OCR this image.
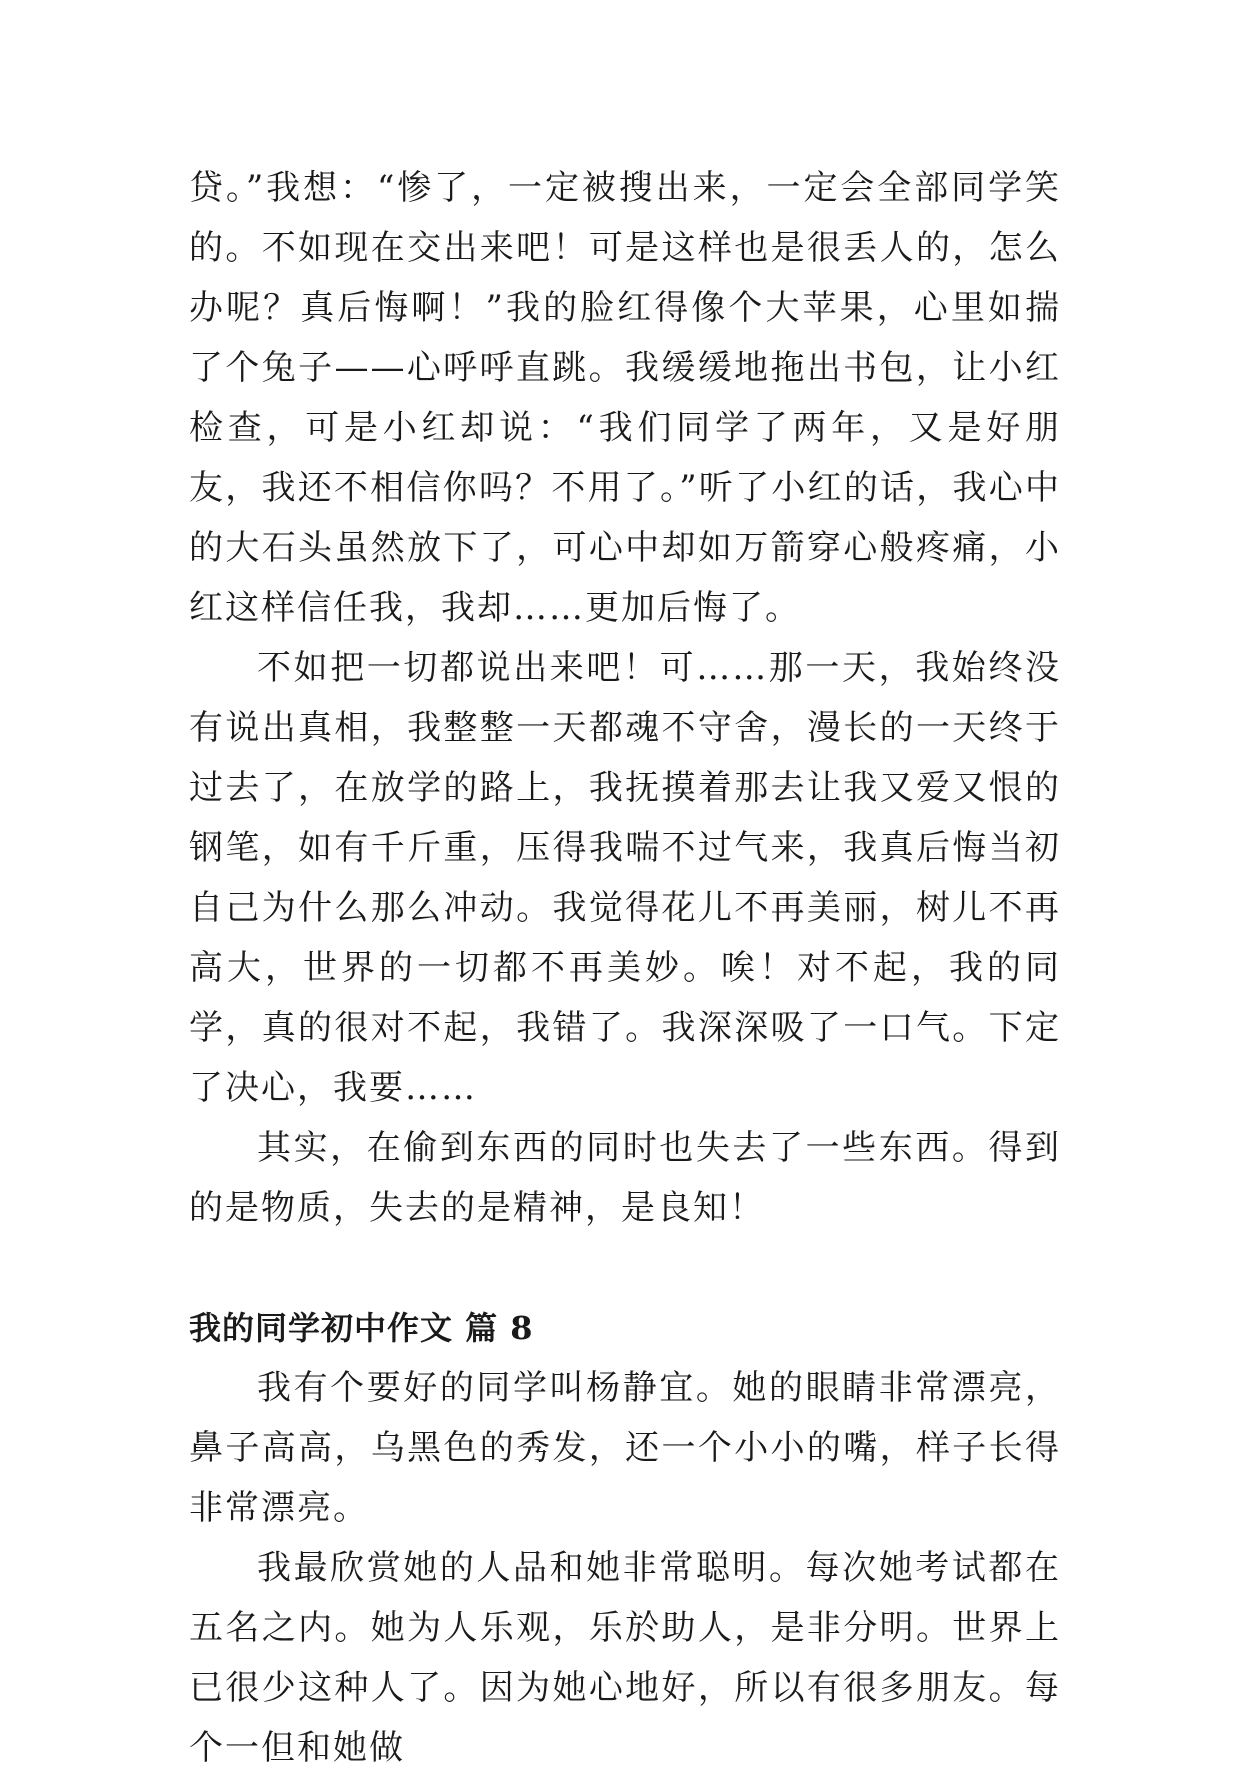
贷。”我想：“惨了，一定被搜出来，一定会全部同学笑的。不如现在交出来吧！可是这样也是很丢人的，怎么办呢？真后悔啊！”我的脸红得像个大苹果，心里如揣了个兔子——心呼呼直跳。我缓缓地拖出书包，让小红检查，可是小红却说：“我们同学了两年，又是好朋友，我还不相信你吗？不用了。”听了小红的话，我心中的大石头虽然放下了，可心中却如万箭穿心般疼痛，小红这样信任我，我却……更加后悔了。

不如把一切都说出来吧！可……那一天，我始终没有说出真相，我整整一天都魂不守舍，漫长的一天终于过去了，在放学的路上，我抚摸着那去让我又爱又恨的钢笔，如有千斤重，压得我喘不过气来，我真后悔当初自己为什么那么冲动。我觉得花儿不再美丽，树儿不再高大，世界的一切都不再美妙。唉！对不起，我的同学，真的很对不起，我错了。我深深吸了一口气。下定了决心，我要……

其实，在偷到东西的同时也失去了一些东西。得到的是物质，失去的是精神，是良知！

我的同学初中作文 篇 8

我有个要好的同学叫杨静宜。她的眼睛非常漂亮，鼻子高高，乌黑色的秀发，还一个小小的嘴，样子长得非常漂亮。

我最欣赏她的人品和她非常聪明。每次她考试都在五名之内。她为人乐观，乐於助人，是非分明。世界上已很少这种人了。因为她心地好，所以有很多朋友。每个一但和她做
